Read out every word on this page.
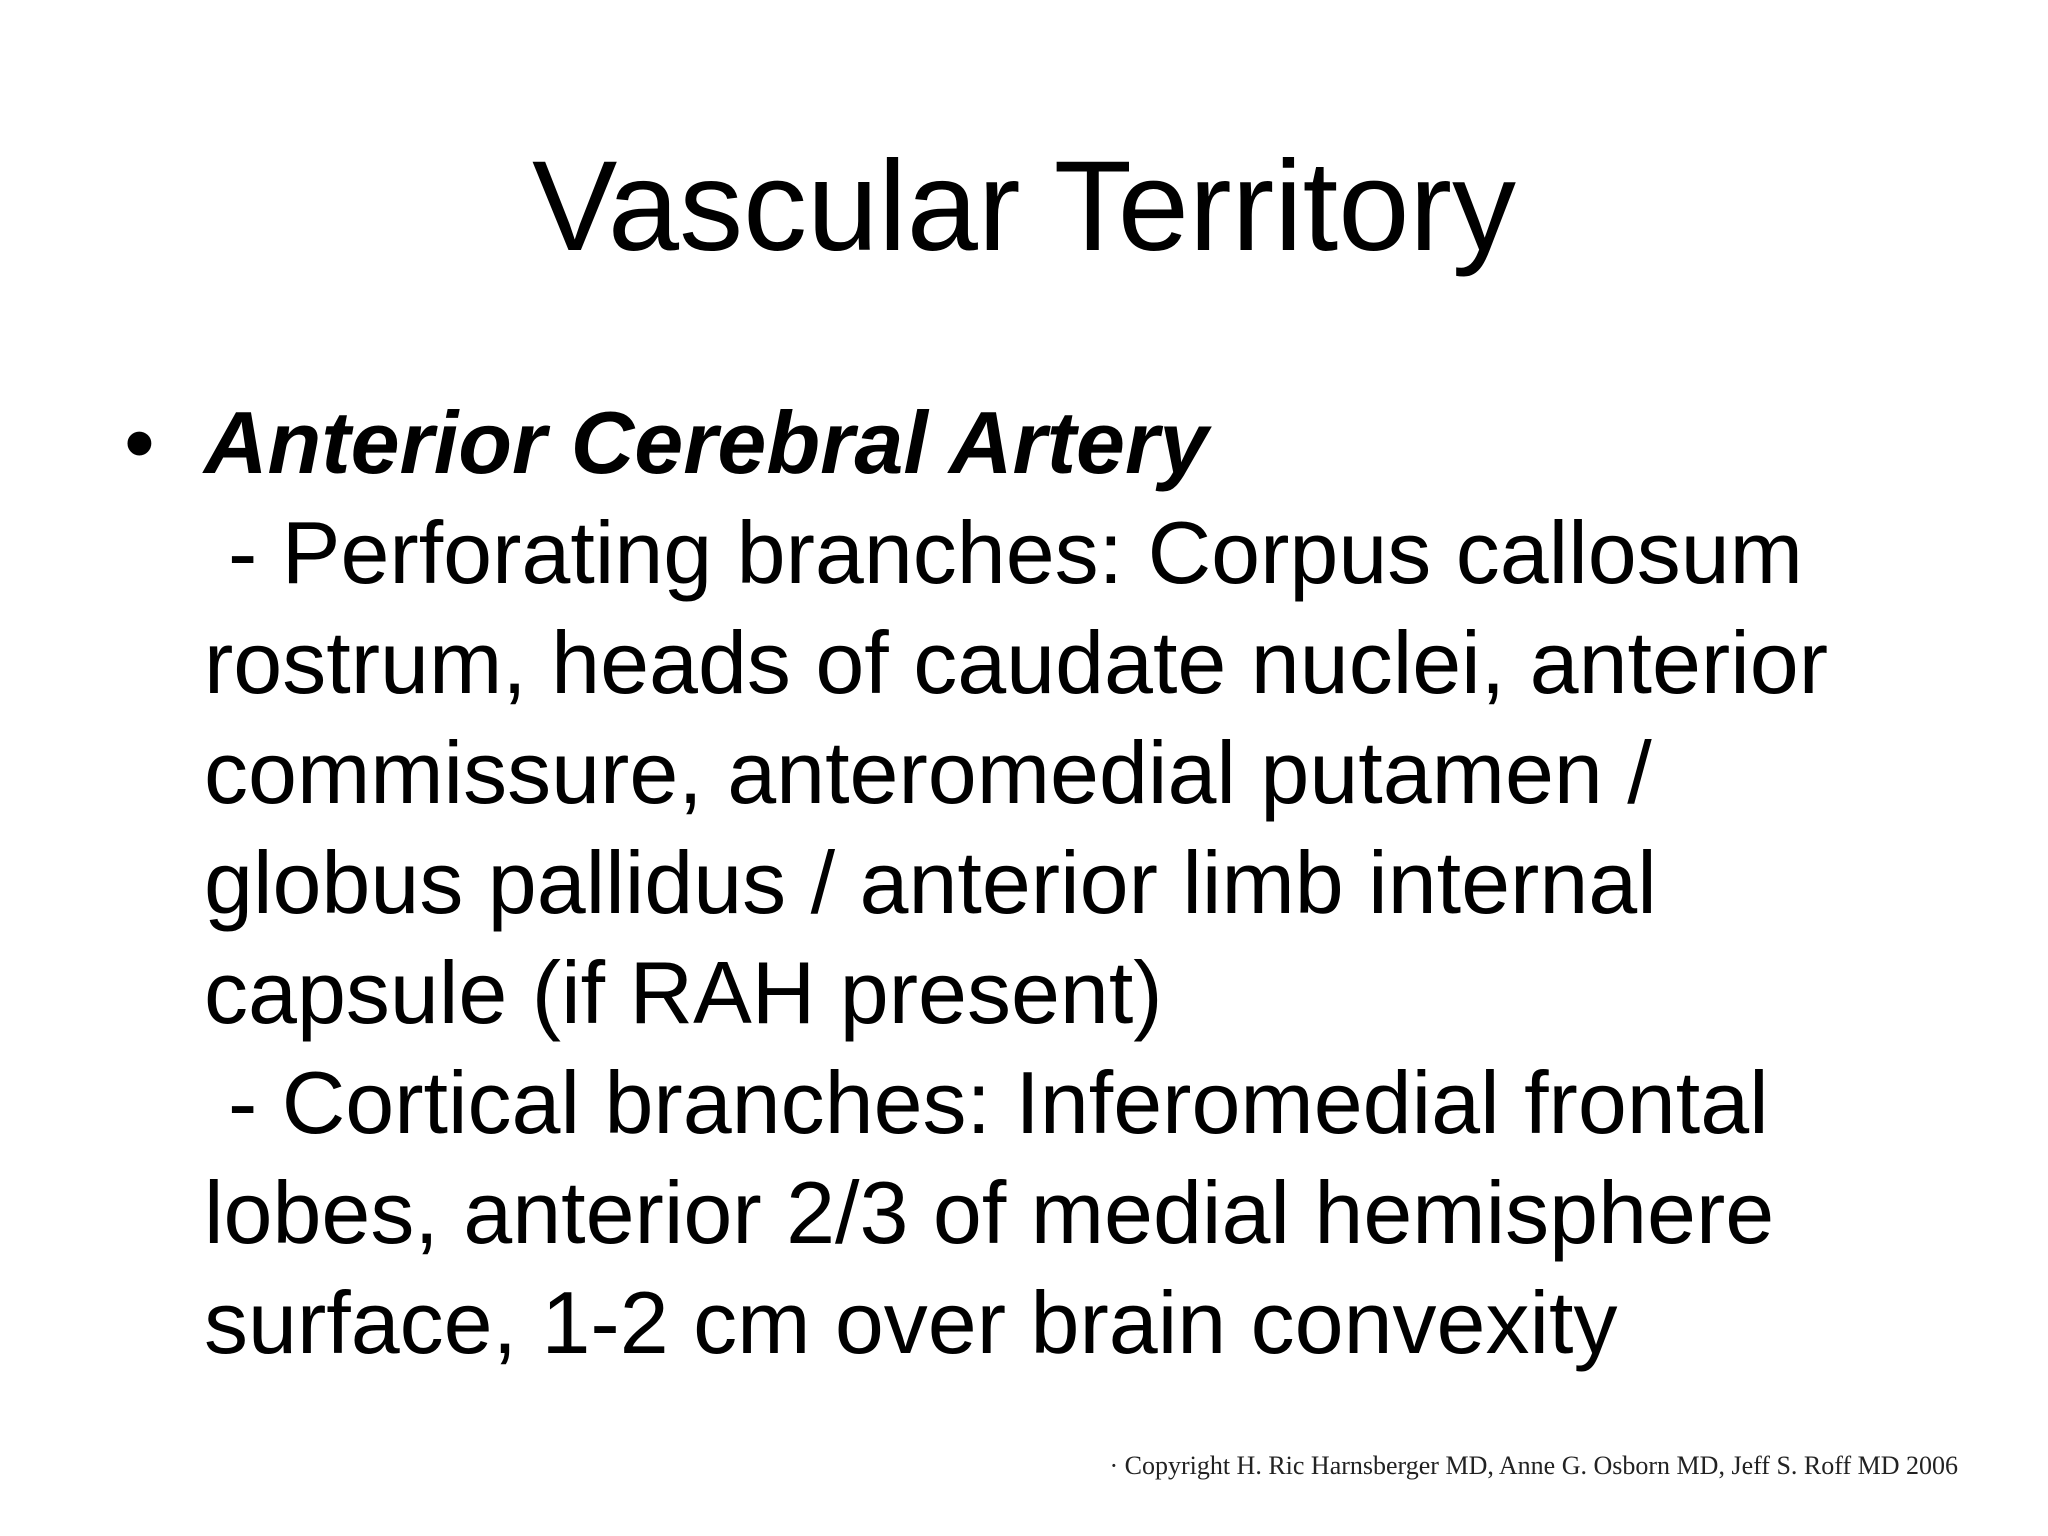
Vascular Territory
• Anterior Cerebral Artery
- Perforating branches: Corpus callosum
rostrum, heads of caudate nuclei, anterior
commissure, anteromedial putamen /
globus pallidus / anterior limb internal
capsule (if RAH present)
- Cortical branches: Inferomedial frontal
lobes, anterior 2/3 of medial hemisphere
surface, 1-2 cm over brain convexity
· Copyright H. Ric Harnsberger MD, Anne G. Osborn MD, Jeff S. Roff MD 2006
